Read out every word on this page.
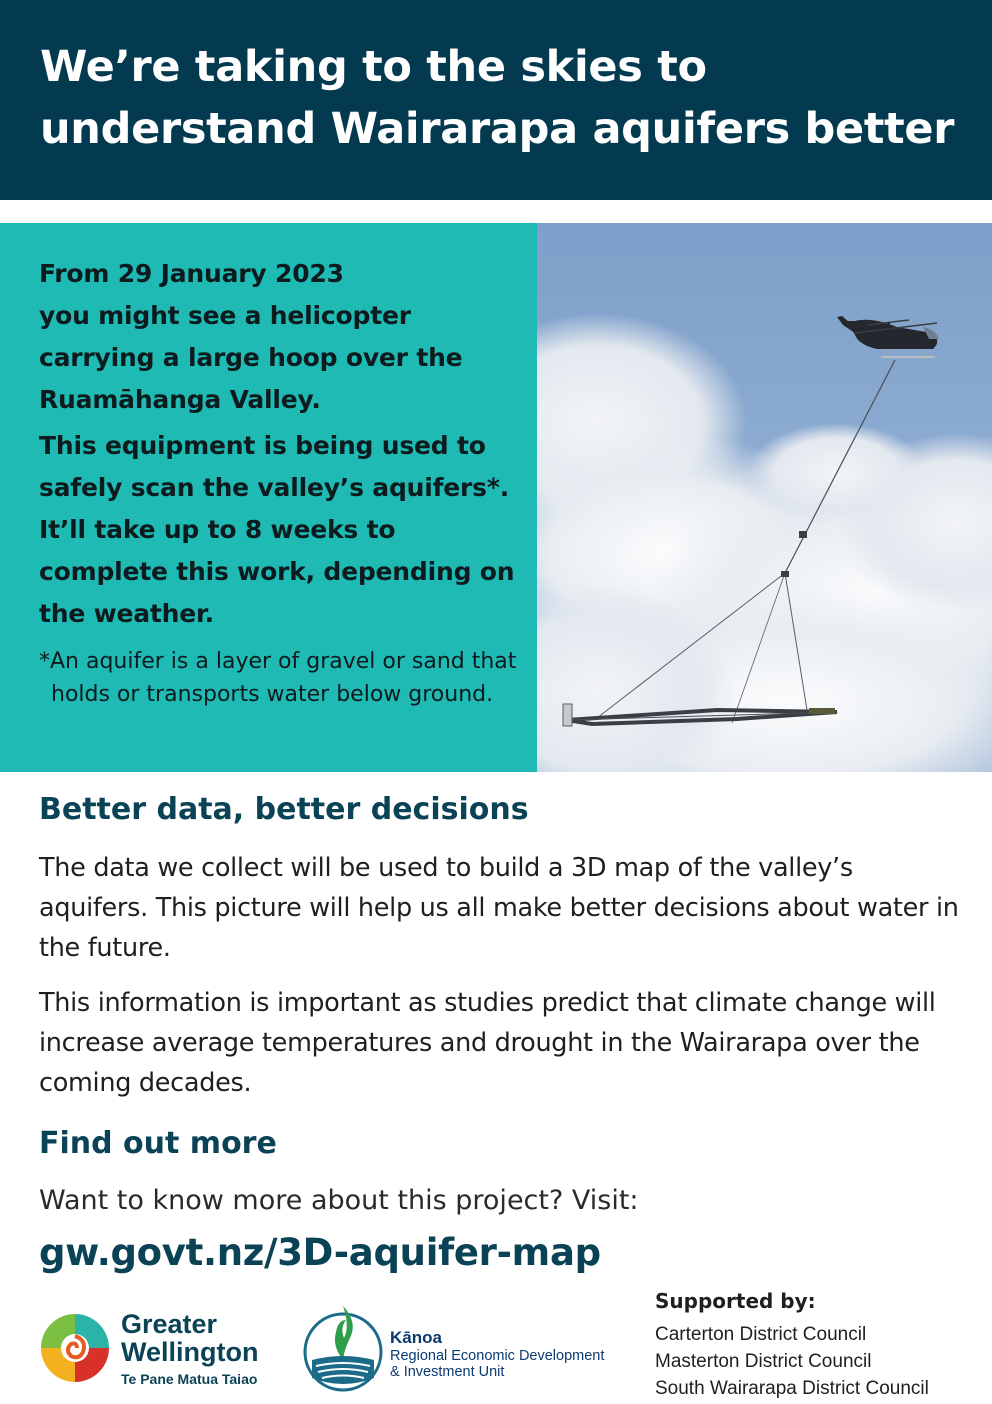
We’re taking to the skies to
understand Wairarapa aquifers better

From 29 January 2023
you might see a helicopter carrying a large hoop over the Ruamāhanga Valley.

This equipment is being used to safely scan the valley’s aquifers*. It’ll take up to 8 weeks to complete this work, depending on the weather.

*An aquifer is a layer of gravel or sand that holds or transports water below ground.
Better data, better decisions

The data we collect will be used to build a 3D map of the valley’s aquifers. This picture will help us all make better decisions about water in the future.

This information is important as studies predict that climate change will increase average temperatures and drought in the Wairarapa over the coming decades.

Find out more
Want to know more about this project? Visit:
gw.govt.nz/3D-aquifer-map
Greater
Wellington
Te Pane Matua Taiao
Kānoa
Regional Economic Development
& Investment Unit
Supported by:
Carterton District Council
Masterton District Council
South Wairarapa District Council
